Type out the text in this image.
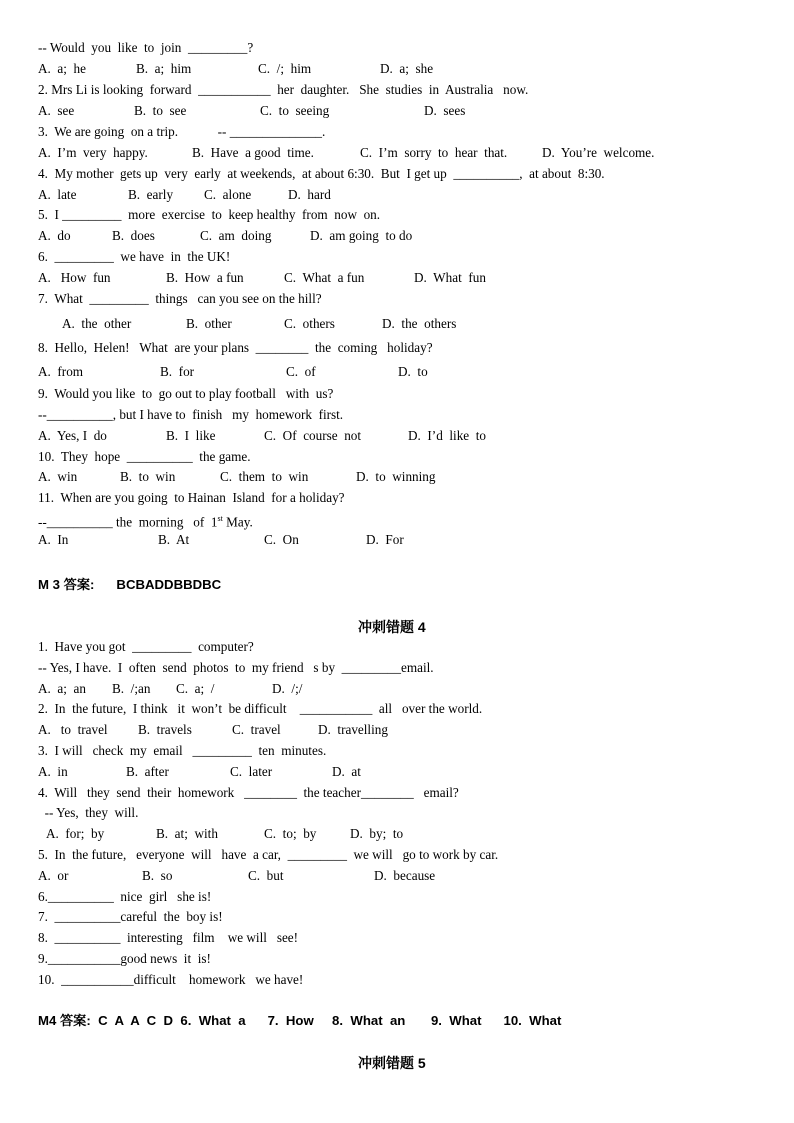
-- Would  you  like  to  join  _________?
A.  a;  he	B.  a;  him	C.  /;  him	D.  a;  she
2. Mrs Li is looking  forward  ___________  her  daughter.   She  studies  in  Australia   now.
A.  see	B.  to  see	C.  to  seeing	D.  sees
3.  We are going  on a trip.            -- ______________.
A.  I’m  very  happy.	B.  Have  a good  time.	C.  I’m  sorry  to  hear  that.	D.  You’re  welcome.
4.  My mother  gets up  very  early  at weekends,  at about 6:30.  But  I get up  __________,  at about  8:30.
A.  late	B.  early C.  alone	D.  hard
5.  I _________  more  exercise  to  keep healthy  from  now  on.
A.  do	B.  does	C.  am  doing	D.  am going  to do
6.  _________  we have  in  the UK!
A.   How  fun	B.  How  a fun	C.  What  a fun	D.  What  fun
7.  What  _________  things   can you see on the hill?
A.  the  other	B.  other	C.  others	D.  the  others
8.  Hello,  Helen!   What  are your plans  ________  the  coming   holiday?
A.  from	B.  for	C.  of	D.  to
9.  Would you like  to  go out to play football   with  us?
--__________, but I have to  finish   my  homework  first.
A.  Yes, I  do	B.  I  like	C.  Of  course  not	D.  I’d  like  to
10.  They  hope  __________  the game.
A.  win	B.  to  win	C.  them  to  win	D.  to  winning
11.  When are you going  to Hainan  Island  for a holiday?
--__________ the  morning   of  1st May.
A.  In	B.  At	C.  On	D.  For
M 3 答案: BCBADDBBDBC
冲刺错题 4
1.  Have you got  _________  computer?
-- Yes, I have.  I  often  send  photos  to  my friend   s by  _________email.
A.  a;  an B.  /;an C.  a;  /	D.  /;/
2.  In  the future,  I think   it  won’t  be difficult    ___________  all   over the world.
A.   to  travel B.  travels	C.  travel	D.  travelling
3.  I will   check  my  email   _________  ten  minutes.
A.  in	B.  after	C.  later	D.  at
4.  Will   they  send  their  homework   ________  the teacher________   email?
-- Yes,  they  will.
A.  for;  by	B.  at;  with	C.  to;  by	D.  by;  to
5.  In  the future,   everyone  will   have  a car,  _________  we will   go to work by car.
A.  or	B.  so	C.  but	D.  because
6.__________  nice  girl   she is!
7.  __________careful  the  boy is!
8.  __________  interesting   film    we will   see!
9.___________good news  it  is!
10.  ___________difficult    homework   we have!
M4 答案:  C  A  A  C  D  6.  What  a      7.  How     8.  What  an       9.  What      10.  What
冲刺错题 5
